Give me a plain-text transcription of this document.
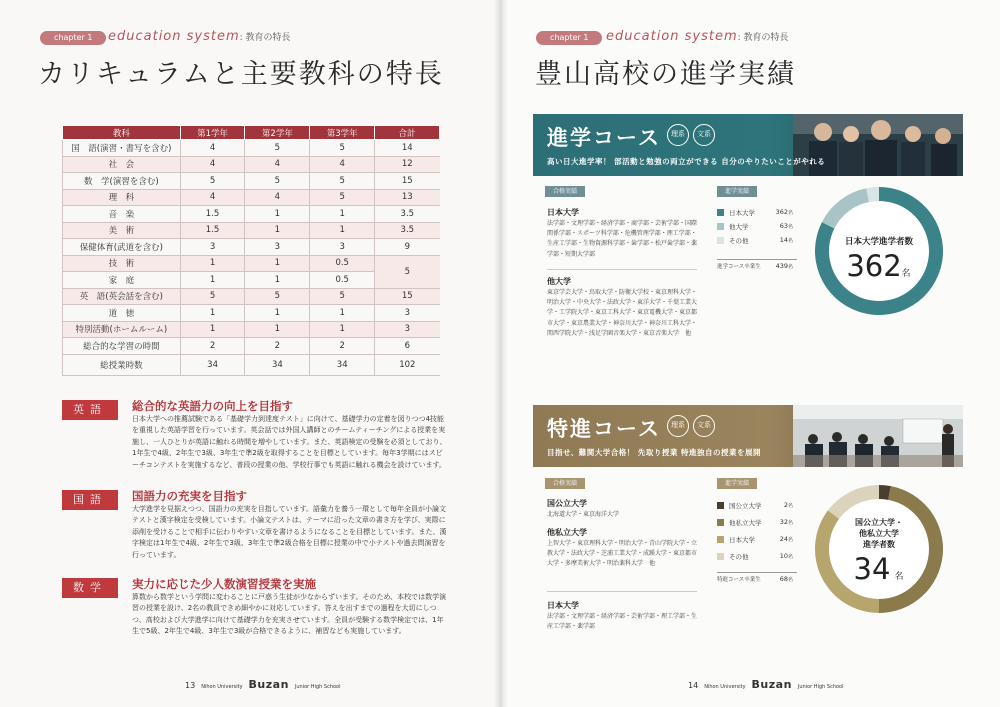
chapter 1	education system: 教育の特長
カリキュラムと主要教科の特長
教科	第1学年	第2学年	第3学年	合計
国　語(演習・書写を含む)	4	5	5	14
社　会	4	4	4	12
数　学(演習を含む)	5	5	5	15
理　科	4	4	5	13
音　楽	1.5	1	1	3.5
美　術	1.5	1	1	3.5
保健体育(武道を含む)	3	3	3	9
技　術	1	1	0.5	5
家　庭	1	1	0.5	
英　語(英会話を含む)	5	5	5	15
道　徳	1	1	1	3
特別活動(ホームルーム)	1	1	1	3
総合的な学習の時間	2	2	2	6
総授業時数	34	34	34	102
英語	総合的な英語力の向上を目指す
日本大学への推薦試験である「基礎学力到達度テスト」に向けて、基礎学力の定着を図りつつ4技能を重視した英語学習を行っています。英会話では外国人講師とのチームティーチングによる授業を実施し、一人ひとりが英語に触れる時間を増やしています。また、英語検定の受験を必須としており、1年生で4級、2年生で3級、3年生で準2級を取得することを目標としています。毎年3学期にはスピーチコンテストを実施するなど、普段の授業の他、学校行事でも英語に触れる機会を設けています。
国語	国語力の充実を目指す
大学進学を見据えつつ、国語力の充実を目指しています。語彙力を養う一環として毎年全員が小論文テストと漢字検定を受検しています。小論文テストは、テーマに沿った文章の書き方を学び、実際に添削を受けることで相手に伝わりやすい文章を書けるようになることを目標としています。また、漢字検定は1年生で4級、2年生で3級、3年生で準2級合格を目標に授業の中で小テストや過去問演習を行っています。
数学	実力に応じた少人数演習授業を実施
算数から数学という学問に変わることに戸惑う生徒が少なからずいます。そのため、本校では数学演習の授業を設け、2名の教員できめ細やかに対応しています。答えを出すまでの過程を大切にしつつ、高校および大学進学に向けて基礎学力を充実させています。全員が受験する数学検定では、1年生で5級、2年生で4級、3年生で3級が合格できるように、補習なども実施しています。
13 Nihon University Buzan Junior High School
chapter 1	education system: 教育の特長
豊山高校の進学実績
14 Nihon University Buzan Junior High School
進学コース	理系	文系
高い日大進学率！ 部活動と勉強の両立ができる 自分のやりたいことがやれる
合格実績
日本大学
法学部・文理学部・経済学部・商学部・芸術学部・国際関係学部・スポーツ科学部・危機管理学部・理工学部・生産工学部・生物資源科学部・歯学部・松戸歯学部・薬学部・短期大学部
他大学
東京学芸大学・鳥取大学・防衛大学校・東京理科大学・明治大学・中央大学・法政大学・東洋大学・千葉工業大学・工学院大学・東京工科大学・東京電機大学・東京都市大学・東京農業大学・神奈川大学・神奈川工科大学・関西学院大学・浅足学園音楽大学・東京音楽大学　他
進学実績
日本大学	362名
他大学	63名
その他	14名
進学コース卒業生	439名
日本大学進学者数
362 名
特進コース	理系	文系
目指せ、難関大学合格！ 先取り授業 特進独自の授業を展開
合格実績
国公立大学
北海道大学・東京海洋大学
他私立大学
上智大学・東京理科大学・明治大学・青山学院大学・立教大学・法政大学・芝浦工業大学・成蹊大学・東京都市大学・多摩美術大学・明治薬科大学　他
日本大学
法学部・文理学部・経済学部・芸術学部・理工学部・生産工学部・薬学部
進学実績
国公立大学	2名
他私立大学	32名
日本大学	24名
その他	10名
特進コース卒業生	68名
国公立大学・
他私立大学
進学者数
34 名
